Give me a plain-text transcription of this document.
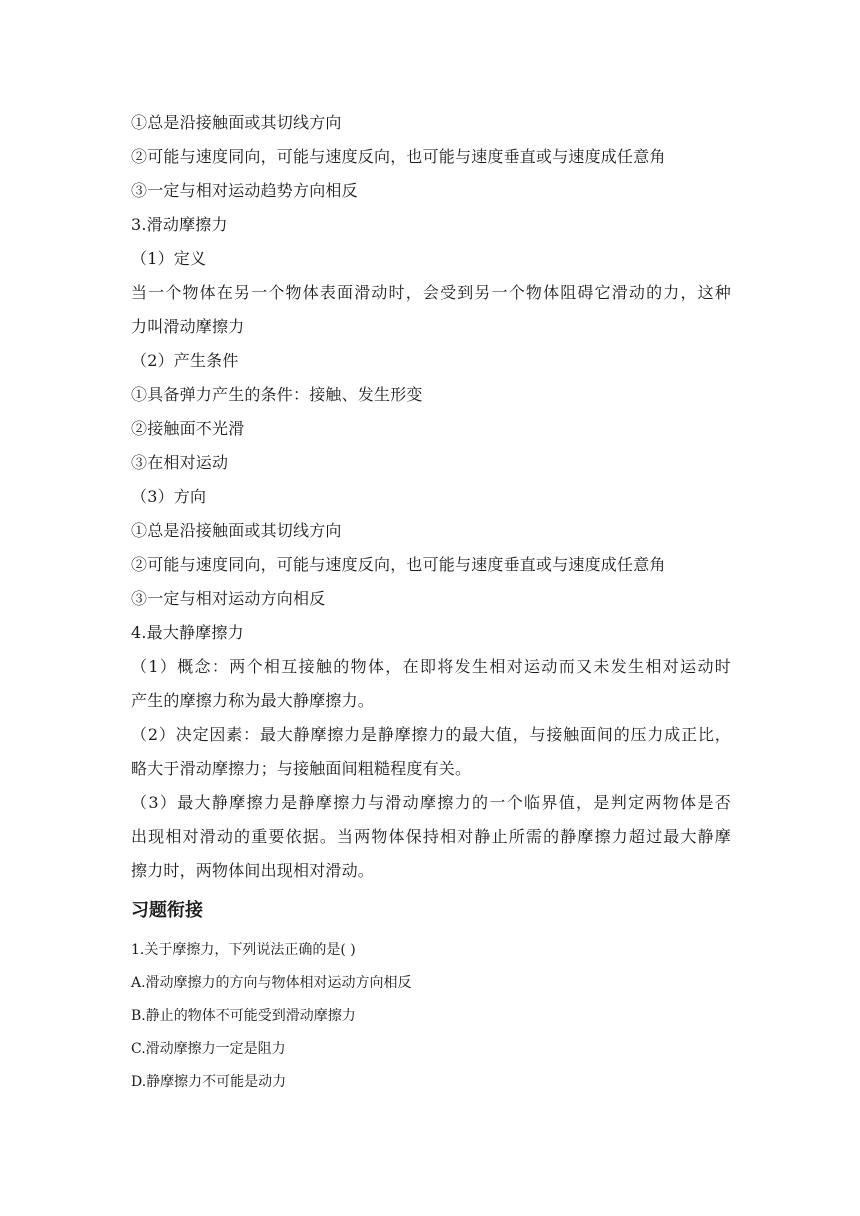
①总是沿接触面或其切线方向
②可能与速度同向，可能与速度反向，也可能与速度垂直或与速度成任意角
③一定与相对运动趋势方向相反
3.滑动摩擦力
（1）定义
当一个物体在另一个物体表面滑动时，会受到另一个物体阻碍它滑动的力，这种
力叫滑动摩擦力
（2）产生条件
①具备弹力产生的条件：接触、发生形变
②接触面不光滑
③在相对运动
（3）方向
①总是沿接触面或其切线方向
②可能与速度同向，可能与速度反向，也可能与速度垂直或与速度成任意角
③一定与相对运动方向相反
4.最大静摩擦力
（1）概念：两个相互接触的物体，在即将发生相对运动而又未发生相对运动时
产生的摩擦力称为最大静摩擦力。
（2）决定因素：最大静摩擦力是静摩擦力的最大值，与接触面间的压力成正比，
略大于滑动摩擦力；与接触面间粗糙程度有关。
（3）最大静摩擦力是静摩擦力与滑动摩擦力的一个临界值，是判定两物体是否
出现相对滑动的重要依据。当两物体保持相对静止所需的静摩擦力超过最大静摩
擦力时，两物体间出现相对滑动。
习题衔接
1.关于摩擦力，下列说法正确的是( )
A.滑动摩擦力的方向与物体相对运动方向相反
B.静止的物体不可能受到滑动摩擦力
C.滑动摩擦力一定是阻力
D.静摩擦力不可能是动力
